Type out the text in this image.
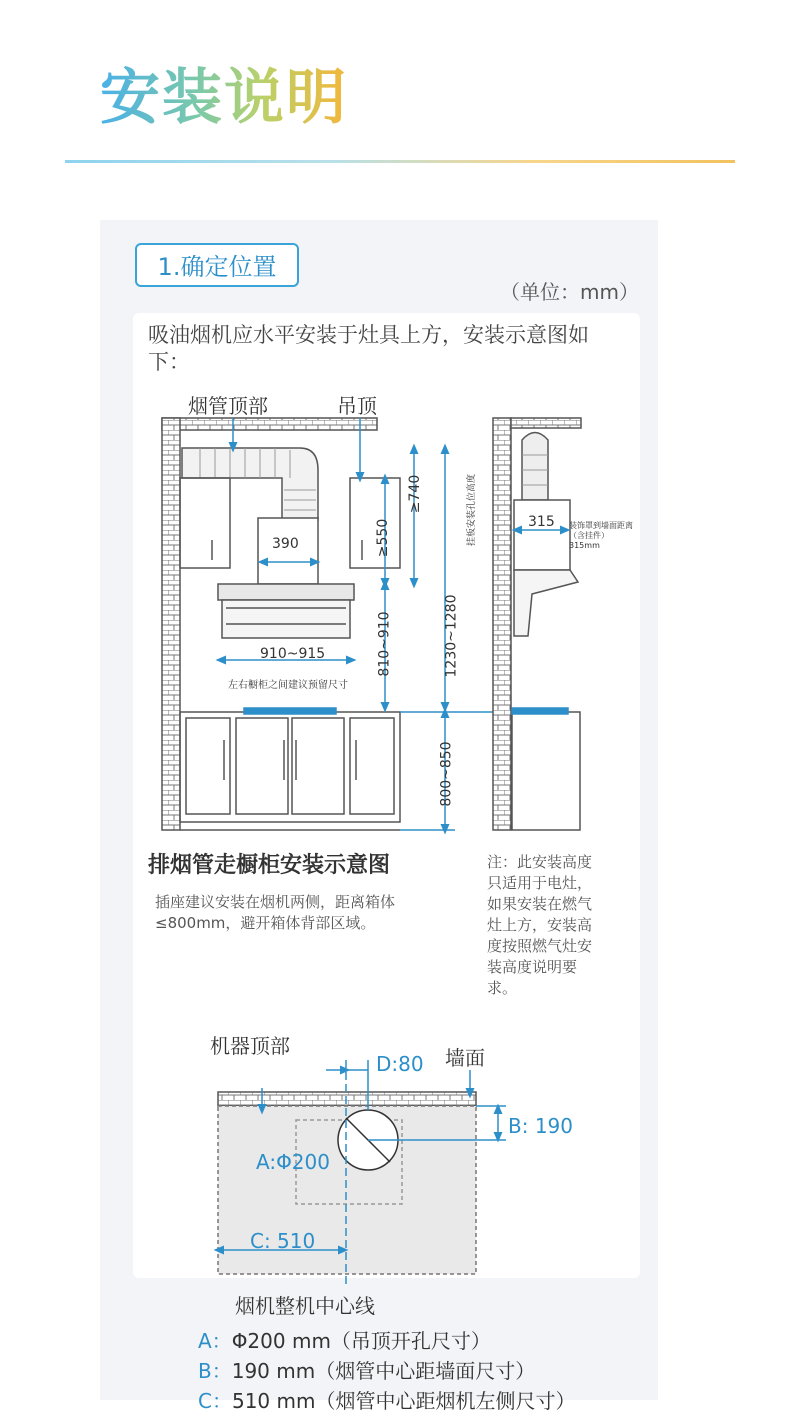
安装说明
1.确定位置
（单位：mm）
吸油烟机应水平安装于灶具上方，安装示意图如下：
烟管顶部	吊顶
390
910~915
左右橱柜之间建议预留尺寸
≥550
≥740	挂板安装孔位高度
810~910	1230~1280
800~850
315 装饰罩到墙面距离（含挂件）315mm
排烟管走橱柜安装示意图
插座建议安装在烟机两侧，距离箱体≤800mm，避开箱体背部区域。
注：此安装高度只适用于电灶，如果安装在燃气灶上方，安装高度按照燃气灶安装高度说明要求。
机器顶部	墙面
D:80
B: 190
A:Φ200
C: 510
烟机整机中心线
A：Φ200 mm（吊顶开孔尺寸）
B：190 mm（烟管中心距墙面尺寸）
C：510 mm（烟管中心距烟机左侧尺寸）
